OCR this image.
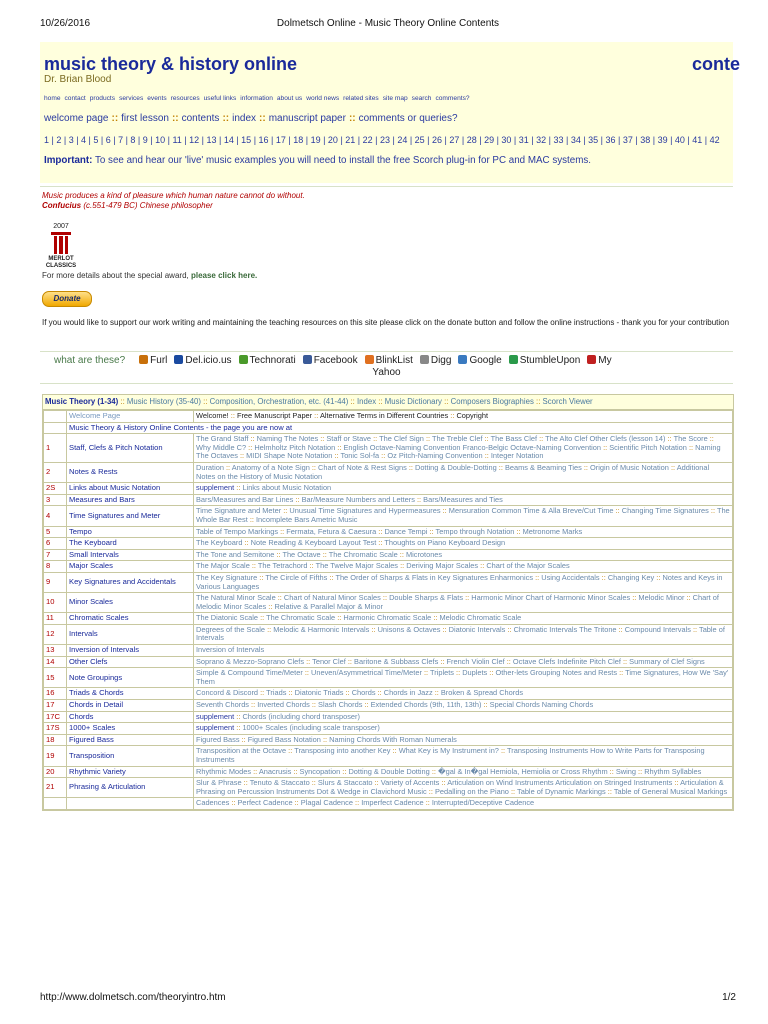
10/26/2016	Dolmetsch Online - Music Theory Online Contents
music theory & history online	conte
Dr. Brian Blood
home contact products services events resources useful links information about us world news related sites site map search comments?
welcome page :: first lesson :: contents :: index :: manuscript paper :: comments or queries?
1 | 2 | 3 | 4 | 5 | 6 | 7 | 8 | 9 | 10 | 11 | 12 | 13 | 14 | 15 | 16 | 17 | 18 | 19 | 20 | 21 | 22 | 23 | 24 | 25 | 26 | 27 | 28 | 29 | 30 | 31 | 32 | 33 | 34 | 35 | 36 | 37 | 38 | 39 | 40 | 41 | 42
Important: To see and hear our 'live' music examples you will need to install the free Scorch plug-in for PC and MAC systems.
Music produces a kind of pleasure which human nature cannot do without.
Confucius (c.551-479 BC) Chinese philosopher
2007
MERLOT
CLASSICS
For more details about the special award, please click here.
Donate
If you would like to support our work writing and maintaining the teaching resources on this site please click on the donate button and follow the online instructions - thank you for your contribution
what are these?	Furl Del.icio.us Technorati Facebook BlinkList Digg Google StumbleUpon My
Yahoo
Music Theory (1-34) :: Music History (35-40) :: Composition, Orchestration, etc. (41-44) :: Index :: Music Dictionary :: Composers Biographies :: Scorch Viewer
	Welcome Page	Welcome! :: Free Manuscript Paper :: Alternative Terms in Different Countries :: Copyright
	Music Theory & History Online Contents - the page you are now at	
1	Staff, Clefs & Pitch Notation	The Grand Staff :: Naming The Notes :: Staff or Stave :: The Clef Sign :: The Treble Clef :: The Bass Clef :: The Alto Clef Other Clefs (lesson 14) :: The Score :: Why Middle C? :: Helmholtz Pitch Notation :: English Octave-Naming Convention Franco-Belgic Octave-Naming Convention :: Scientific Pitch Notation :: Naming The Octaves :: MIDI Shape Note Notation :: Tonic Sol-fa :: Oz Pitch-Naming Convention :: Integer Notation
2	Notes & Rests	Duration :: Anatomy of a Note Sign :: Chart of Note & Rest Signs :: Dotting & Double-Dotting :: Beams & Beaming Ties :: Origin of Music Notation :: Additional Notes on the History of Music Notation
2S	Links about Music Notation	supplement :: Links about Music Notation
3	Measures and Bars	Bars/Measures and Bar Lines :: Bar/Measure Numbers and Letters :: Bars/Measures and Ties
4	Time Signatures and Meter	Time Signature and Meter :: Unusual Time Signatures and Hypermeasures :: Mensuration Common Time & Alla Breve/Cut Time :: Changing Time Signatures :: The Whole Bar Rest :: Incomplete Bars Ametric Music
5	Tempo	Table of Tempo Markings :: Fermata, Fetura & Caesura :: Dance Tempi :: Tempo through Notation :: Metronome Marks
6	The Keyboard	The Keyboard :: Note Reading & Keyboard Layout Test :: Thoughts on Piano Keyboard Design
7	Small Intervals	The Tone and Semitone :: The Octave :: The Chromatic Scale :: Microtones
8	Major Scales	The Major Scale :: The Tetrachord :: The Twelve Major Scales :: Deriving Major Scales :: Chart of the Major Scales
9	Key Signatures and Accidentals	The Key Signature :: The Circle of Fifths :: The Order of Sharps & Flats in Key Signatures Enharmonics :: Using Accidentals :: Changing Key :: Notes and Keys in Various Languages
10	Minor Scales	The Natural Minor Scale :: Chart of Natural Minor Scales :: Double Sharps & Flats :: Harmonic Minor Chart of Harmonic Minor Scales :: Melodic Minor :: Chart of Melodic Minor Scales :: Relative & Parallel Major & Minor
11	Chromatic Scales	The Diatonic Scale :: The Chromatic Scale :: Harmonic Chromatic Scale :: Melodic Chromatic Scale
12	Intervals	Degrees of the Scale :: Melodic & Harmonic Intervals :: Unisons & Octaves :: Diatonic Intervals :: Chromatic Intervals The Tritone :: Compound Intervals :: Table of Intervals
13	Inversion of Intervals	Inversion of Intervals
14	Other Clefs	Soprano & Mezzo-Soprano Clefs :: Tenor Clef :: Baritone & Subbass Clefs :: French Violin Clef :: Octave Clefs Indefinite Pitch Clef :: Summary of Clef Signs
15	Note Groupings	Simple & Compound Time/Meter :: Uneven/Asymmetrical Time/Meter :: Triplets :: Duplets :: Other-lets Grouping Notes and Rests :: Time Signatures, How We 'Say' Them
16	Triads & Chords	Concord & Discord :: Triads :: Diatonic Triads :: Chords :: Chords in Jazz :: Broken & Spread Chords
17	Chords in Detail	Seventh Chords :: Inverted Chords :: Slash Chords :: Extended Chords (9th, 11th, 13th) :: Special Chords Naming Chords
17C	Chords	supplement :: Chords (including chord transposer)
17S	1000+ Scales	supplement :: 1000+ Scales (including scale transposer)
18	Figured Bass	Figured Bass :: Figured Bass Notation :: Naming Chords With Roman Numerals
19	Transposition	Transposition at the Octave :: Transposing into another Key :: What Key is My Instrument in? :: Transposing Instruments How to Write Parts for Transposing Instruments
20	Rhythmic Variety	Rhythmic Modes :: Anacrusis :: Syncopation :: Dotting & Double Dotting :: �gal & In�gal Hemiola, Hemiolia or Cross Rhythm :: Swing :: Rhythm Syllables
21	Phrasing & Articulation	Slur & Phrase :: Tenuto & Staccato :: Slurs & Staccato :: Variety of Accents :: Articulation on Wind Instruments Articulation on Stringed Instruments :: Articulation & Phrasing on Percussion Instruments Dot & Wedge in Clavichord Music :: Pedalling on the Piano :: Table of Dynamic Markings :: Table of General Musical Markings
		Cadences :: Perfect Cadence :: Plagal Cadence :: Imperfect Cadence :: Interrupted/Deceptive Cadence
http://www.dolmetsch.com/theoryintro.htm	1/2
